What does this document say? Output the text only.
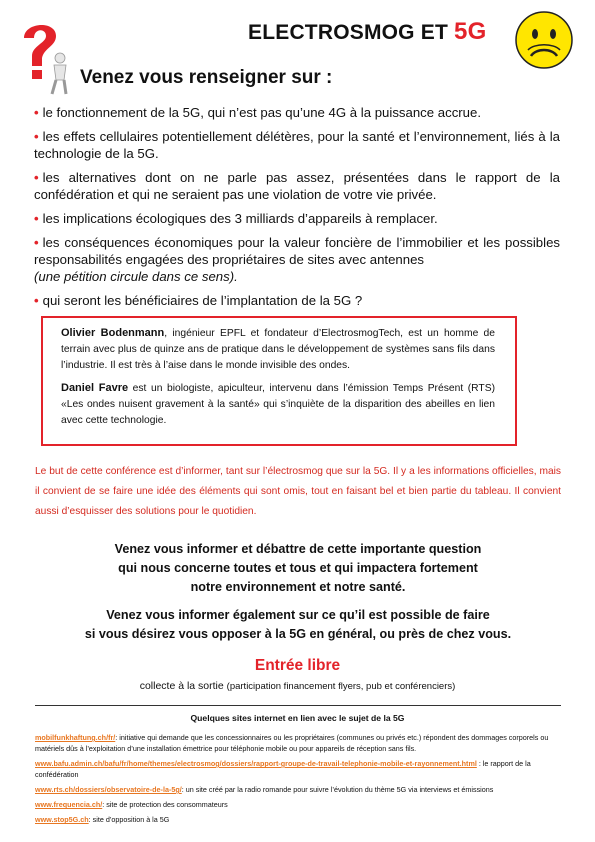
ELECTROSMOG ET 5G
Venez vous renseigner sur :
• le fonctionnement de la 5G, qui n’est pas qu’une 4G à la puissance accrue.
• les effets cellulaires potentiellement délétères, pour la santé et l’environnement, liés à la technologie de la 5G.
• les alternatives dont on ne parle pas assez, présentées dans le rapport de la confédération et qui ne seraient pas une violation de votre vie privée.
• les implications écologiques des 3 milliards d’appareils à remplacer.
• les conséquences économiques pour la valeur foncière de l’immobilier et les possibles responsabilités engagées des propriétaires de sites avec antennes
(une pétition circule dans ce sens).
• qui seront les bénéficiaires de l’implantation de la 5G ?

Olivier Bodenmann, ingénieur EPFL et fondateur d’ElectrosmogTech, est un homme de terrain avec plus de quinze ans de pratique dans le développement de systèmes sans fils dans l’industrie. Il est très à l’aise dans le monde invisible des ondes.

Daniel Favre est un biologiste, apiculteur, intervenu dans l’émission Temps Présent (RTS) «Les ondes nuisent gravement à la santé» qui s’inquiète de la disparition des abeilles en lien avec cette technologie.

Le but de cette conférence est d’informer, tant sur l’électrosmog que sur la 5G. Il y a les informations officielles, mais il convient de se faire une idée des éléments qui sont omis, tout en faisant bel et bien partie du tableau. Il convient aussi d’esquisser des solutions pour le quotidien.
Venez vous informer et débattre de cette importante question
qui nous concerne toutes et tous et qui impactera fortement
notre environnement et notre santé.
Venez vous informer également sur ce qu’il est possible de faire
si vous désirez vous opposer à la 5G en général, ou près de chez vous.
Entrée libre
collecte à la sortie (participation financement flyers, pub et conférenciers)
Quelques sites internet en lien avec le sujet de la 5G
mobilfunkhaftung.ch/fr/: initiative qui demande que les concessionnaires ou les propriétaires (communes ou privés etc.) répondent des dommages corporels ou matériels dûs à l’exploitation d’une installation émettrice pour téléphonie mobile ou pour appareils de réception sans fils.
www.bafu.admin.ch/bafu/fr/home/themes/electrosmog/dossiers/rapport-groupe-de-travail-telephonie-mobile-et-rayonnement.html : le rapport de la confédération
www.rts.ch/dossiers/observatoire-de-la-5g/: un site créé par la radio romande pour suivre l’évolution du thème 5G via interviews et émissions
www.frequencia.ch/: site de protection des consommateurs
www.stop5G.ch: site d’opposition à la 5G
